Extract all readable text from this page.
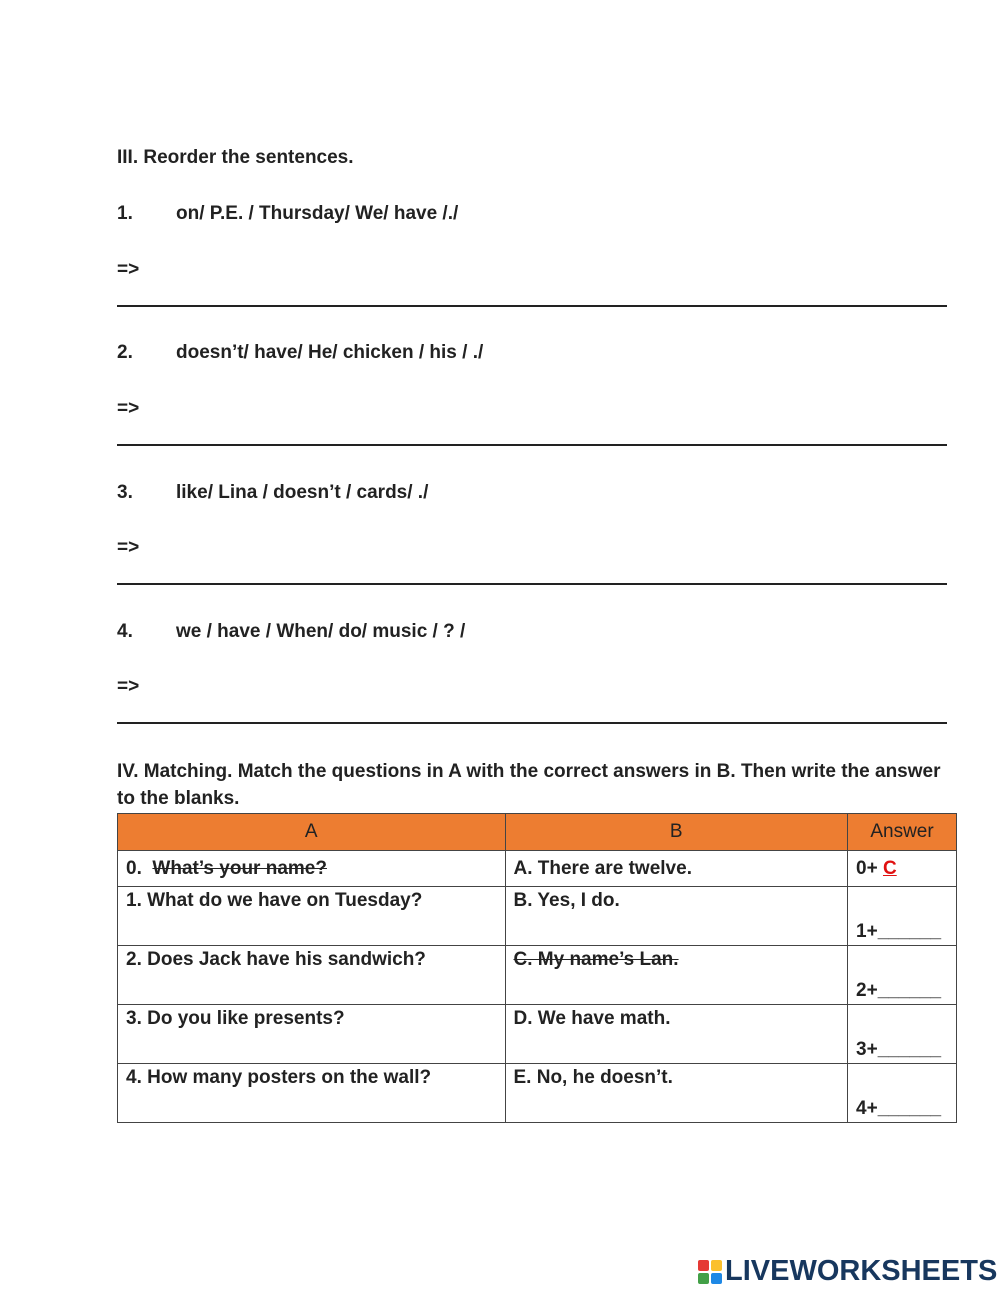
III. Reorder the sentences.
1. on/ P.E. / Thursday/ We/ have /./
=>
2. doesn’t/ have/ He/ chicken / his / ./
=>
3. like/ Lina / doesn’t / cards/ ./
=>
4. we / have / When/ do/ music / ? /
=>
IV. Matching. Match the questions in A with the correct answers in B. Then write the answer to the blanks.
A	B	Answer
0. What’s your name?	A. There are twelve.	0+ C
1. What do we have on Tuesday?	B. Yes, I do.	1+______

2. Does Jack have his sandwich?	C. My name’s Lan.	2+______

3. Do you like presents?	D. We have math.	3+______

4. How many posters on the wall?	E. No, he doesn’t.	4+______
LIVEWORKSHEETS
